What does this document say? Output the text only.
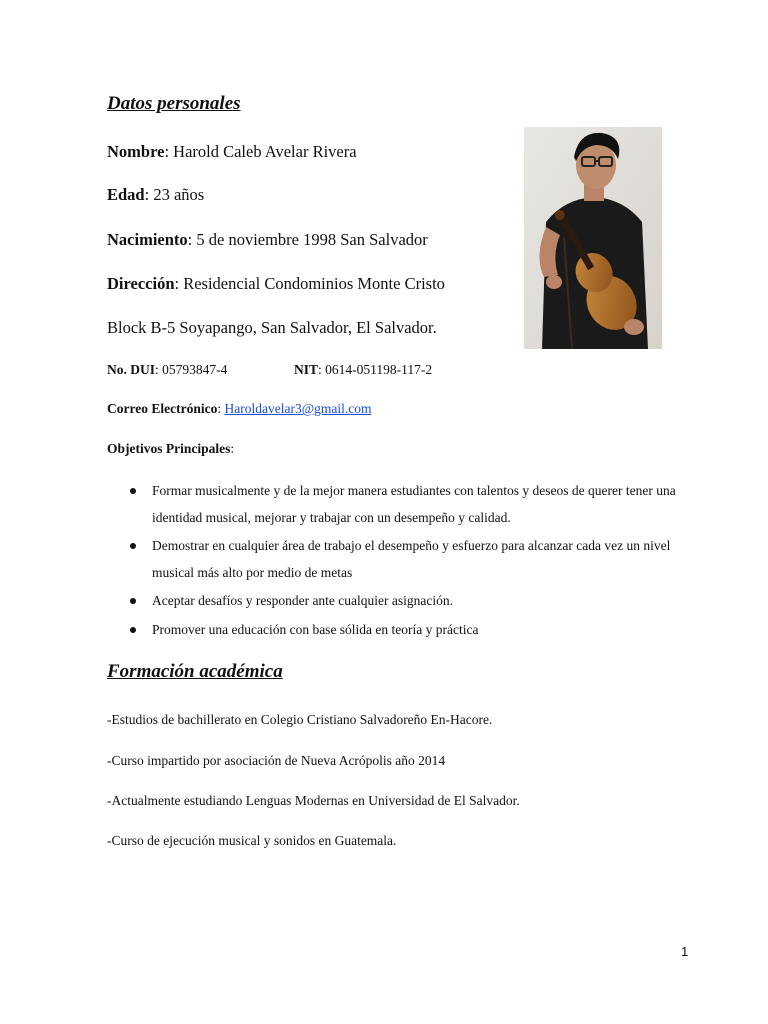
Datos personales
Nombre: Harold Caleb Avelar Rivera
Edad: 23 años
Nacimiento: 5 de noviembre 1998 San Salvador
Dirección: Residencial Condominios Monte Cristo
Block B-5 Soyapango, San Salvador, El Salvador.
No. DUI: 05793847-4	NIT: 0614-051198-117-2
Correo Electrónico: Haroldavelar3@gmail.com
Objetivos Principales:
Formar musicalmente y de la mejor manera estudiantes con talentos y deseos de querer tener una identidad musical, mejorar y trabajar con un desempeño y calidad.
Demostrar en cualquier área de trabajo el desempeño y esfuerzo para alcanzar cada vez un nivel musical más alto por medio de metas
Aceptar desafíos y responder ante cualquier asignación.
Promover una educación con base sólida en teoría y práctica
Formación académica
-Estudios de bachillerato en Colegio Cristiano Salvadoreño En-Hacore.
-Curso impartido por asociación de Nueva Acrópolis año 2014
-Actualmente estudiando Lenguas Modernas en Universidad de El Salvador.
-Curso de ejecución musical y sonidos en Guatemala.
1
